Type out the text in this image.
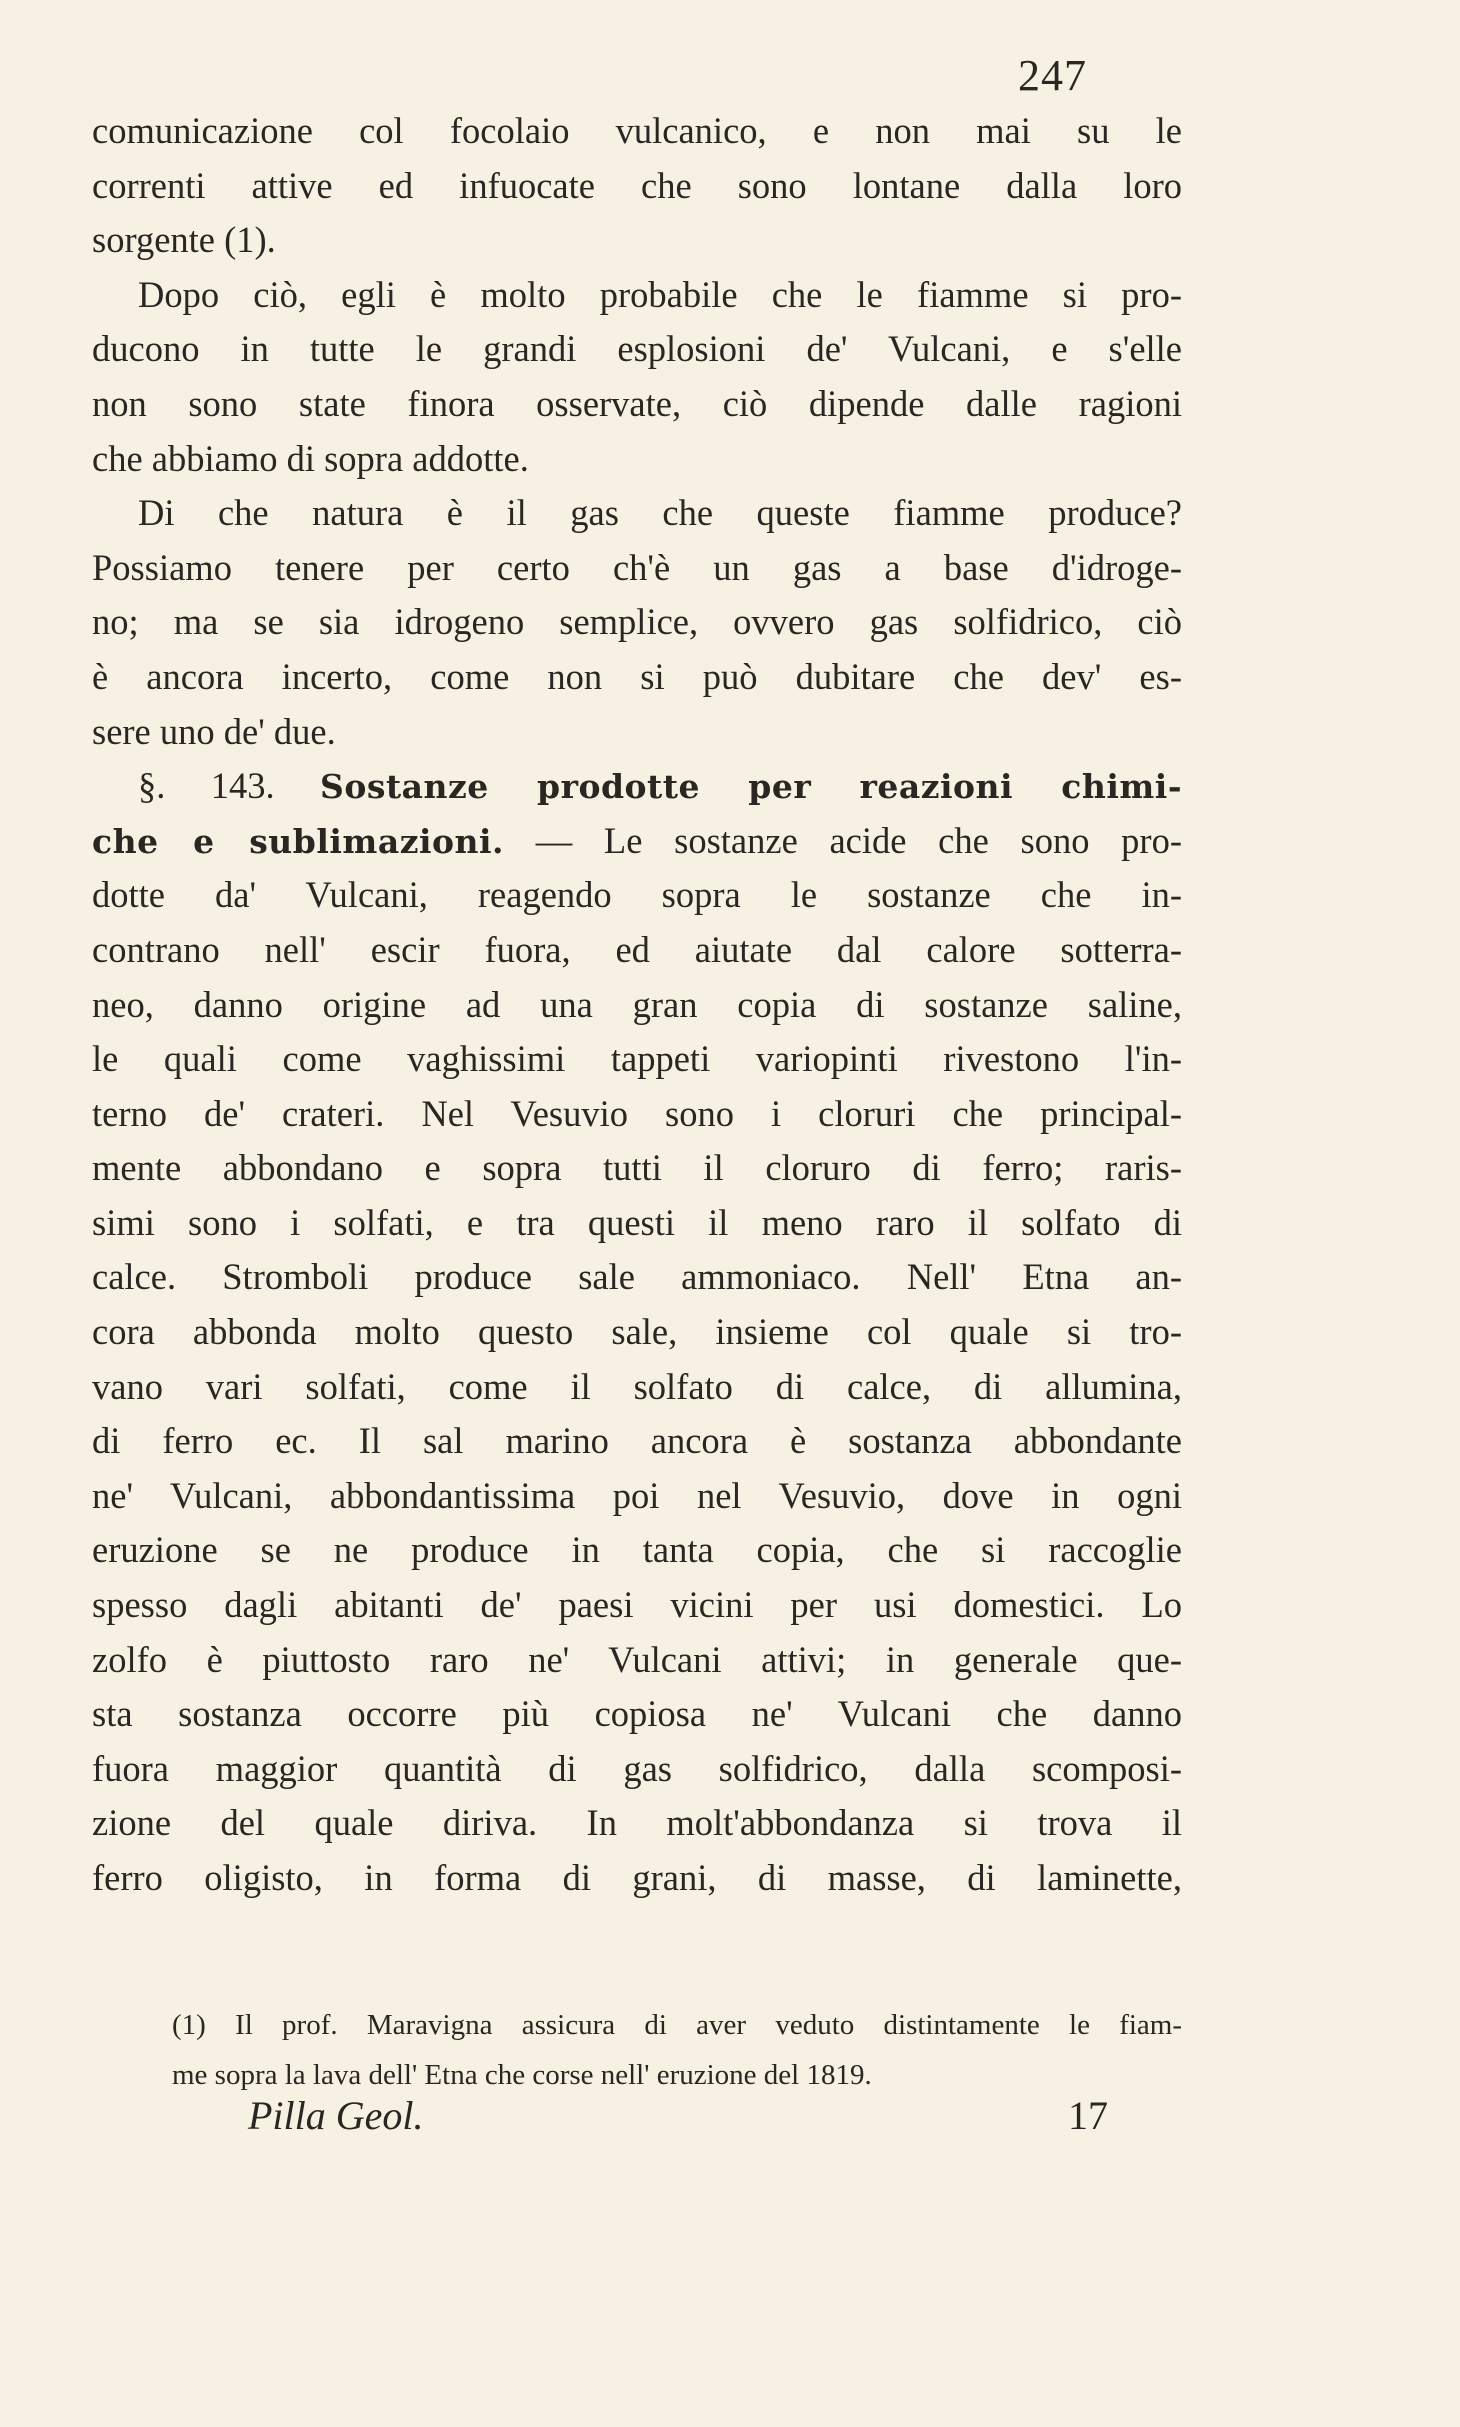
247
comunicazione col focolaio vulcanico, e non mai su le
correnti attive ed infuocate che sono lontane dalla loro
sorgente (1).
Dopo ciò, egli è molto probabile che le fiamme si pro-
ducono in tutte le grandi esplosioni de' Vulcani, e s'elle
non sono state finora osservate, ciò dipende dalle ragioni
che abbiamo di sopra addotte.
Di che natura è il gas che queste fiamme produce?
Possiamo tenere per certo ch'è un gas a base d'idroge-
no; ma se sia idrogeno semplice, ovvero gas solfidrico, ciò
è ancora incerto, come non si può dubitare che dev' es-
sere uno de' due.
§. 143. Sostanze prodotte per reazioni chimi-
che e sublimazioni. — Le sostanze acide che sono pro-
dotte da' Vulcani, reagendo sopra le sostanze che in-
contrano nell' escir fuora, ed aiutate dal calore sotterra-
neo, danno origine ad una gran copia di sostanze saline,
le quali come vaghissimi tappeti variopinti rivestono l'in-
terno de' crateri. Nel Vesuvio sono i cloruri che principal-
mente abbondano e sopra tutti il cloruro di ferro; raris-
simi sono i solfati, e tra questi il meno raro il solfato di
calce. Stromboli produce sale ammoniaco. Nell' Etna an-
cora abbonda molto questo sale, insieme col quale si tro-
vano vari solfati, come il solfato di calce, di allumina,
di ferro ec. Il sal marino ancora è sostanza abbondante
ne' Vulcani, abbondantissima poi nel Vesuvio, dove in ogni
eruzione se ne produce in tanta copia, che si raccoglie
spesso dagli abitanti de' paesi vicini per usi domestici. Lo
zolfo è piuttosto raro ne' Vulcani attivi; in generale que-
sta sostanza occorre più copiosa ne' Vulcani che danno
fuora maggior quantità di gas solfidrico, dalla scomposi-
zione del quale diriva. In molt'abbondanza si trova il
ferro oligisto, in forma di grani, di masse, di laminette,
(1) Il prof. Maravigna assicura di aver veduto distintamente le fiam-
me sopra la lava dell' Etna che corse nell' eruzione del 1819.
Pilla Geol.	17
